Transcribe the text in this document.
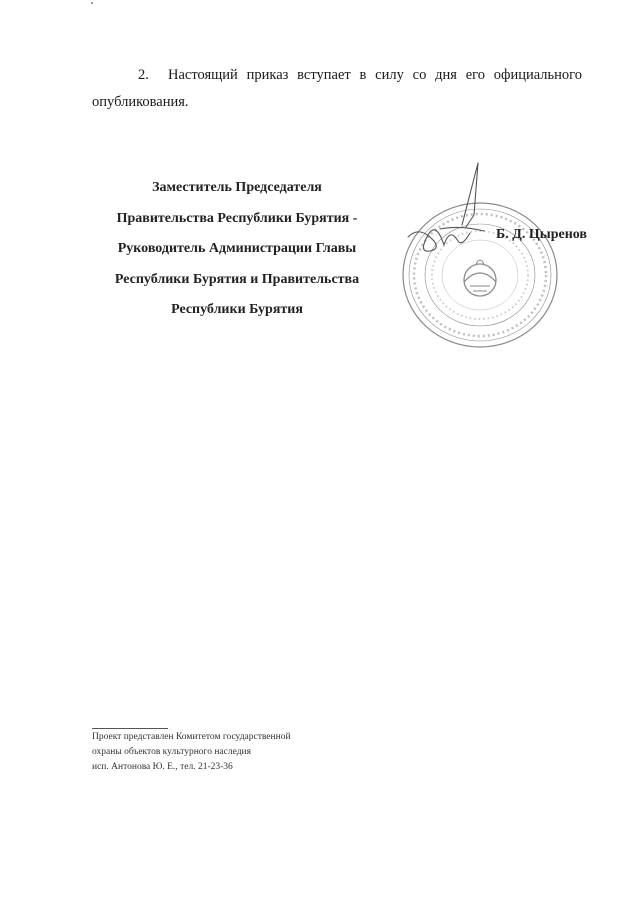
2. Настоящий приказ вступает в силу со дня его официального опубликования.

Заместитель Председателя
Правительства Республики Бурятия -
Руководитель Администрации Главы
Республики Бурятия и Правительства
Республики Бурятия
Б. Д. Цыренов
Проект представлен Комитетом государственной
охраны объектов культурного наследия
исп. Антонова Ю. Е., тел. 21-23-36
